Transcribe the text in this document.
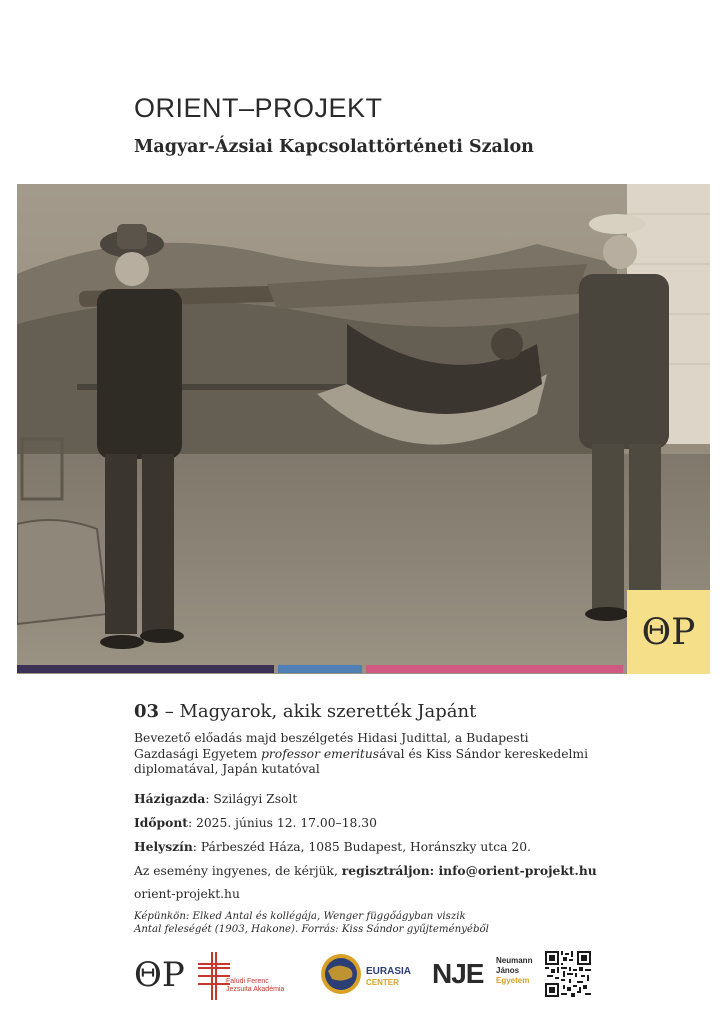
ORIENT–PROJEKT
Magyar-Ázsiai Kapcsolattörténeti Szalon
ΘP
03 – Magyarok, akik szerették Japánt
Bevezető előadás majd beszélgetés Hidasi Judittal, a Budapesti Gazdasági Egyetem professor emeritusával és Kiss Sándor kereskedelmi diplomatával, Japán kutatóval
Házigazda: Szilágyi Zsolt
Időpont: 2025. június 12. 17.00–18.30
Helyszín: Párbeszéd Háza, 1085 Budapest, Horánszky utca 20.
Az esemény ingyenes, de kérjük, regisztráljon: info@orient-projekt.hu
orient-projekt.hu
Képünkön: Elked Antal és kollégája, Wenger függőágyban viszik Antal feleségét (1903, Hakone). Forrás: Kiss Sándor gyűjteményéből
ΘP	Faludi Ferenc
Jezsuita Akadémia
EURASIA
CENTER	NJE Neumann
János
Egyetem
